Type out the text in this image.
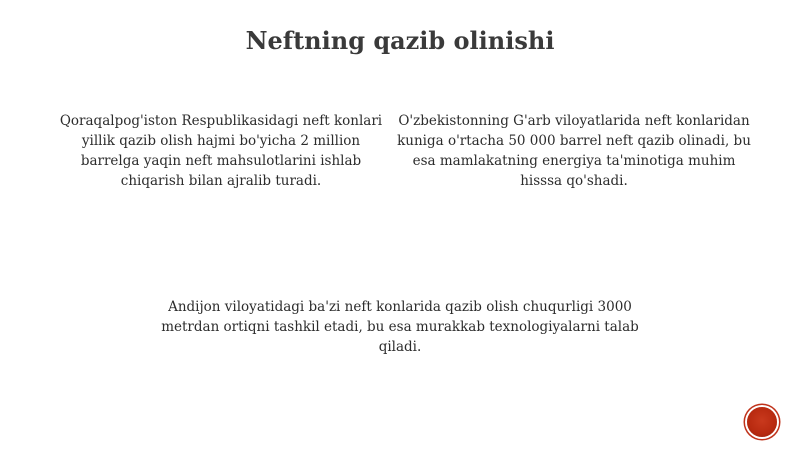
Neftning qazib olinishi

Qoraqalpog'iston Respublikasidagi neft konlari yillik qazib olish hajmi bo'yicha 2 million barrelga yaqin neft mahsulotlarini ishlab chiqarish bilan ajralib turadi.

O'zbekistonning G'arb viloyatlarida neft konlaridan kuniga o'rtacha 50 000 barrel neft qazib olinadi, bu esa mamlakatning energiya ta'minotiga muhim hisssa qo'shadi.

Andijon viloyatidagi ba'zi neft konlarida qazib olish chuqurligi 3000 metrdan ortiqni tashkil etadi, bu esa murakkab texnologiyalarni talab qiladi.
